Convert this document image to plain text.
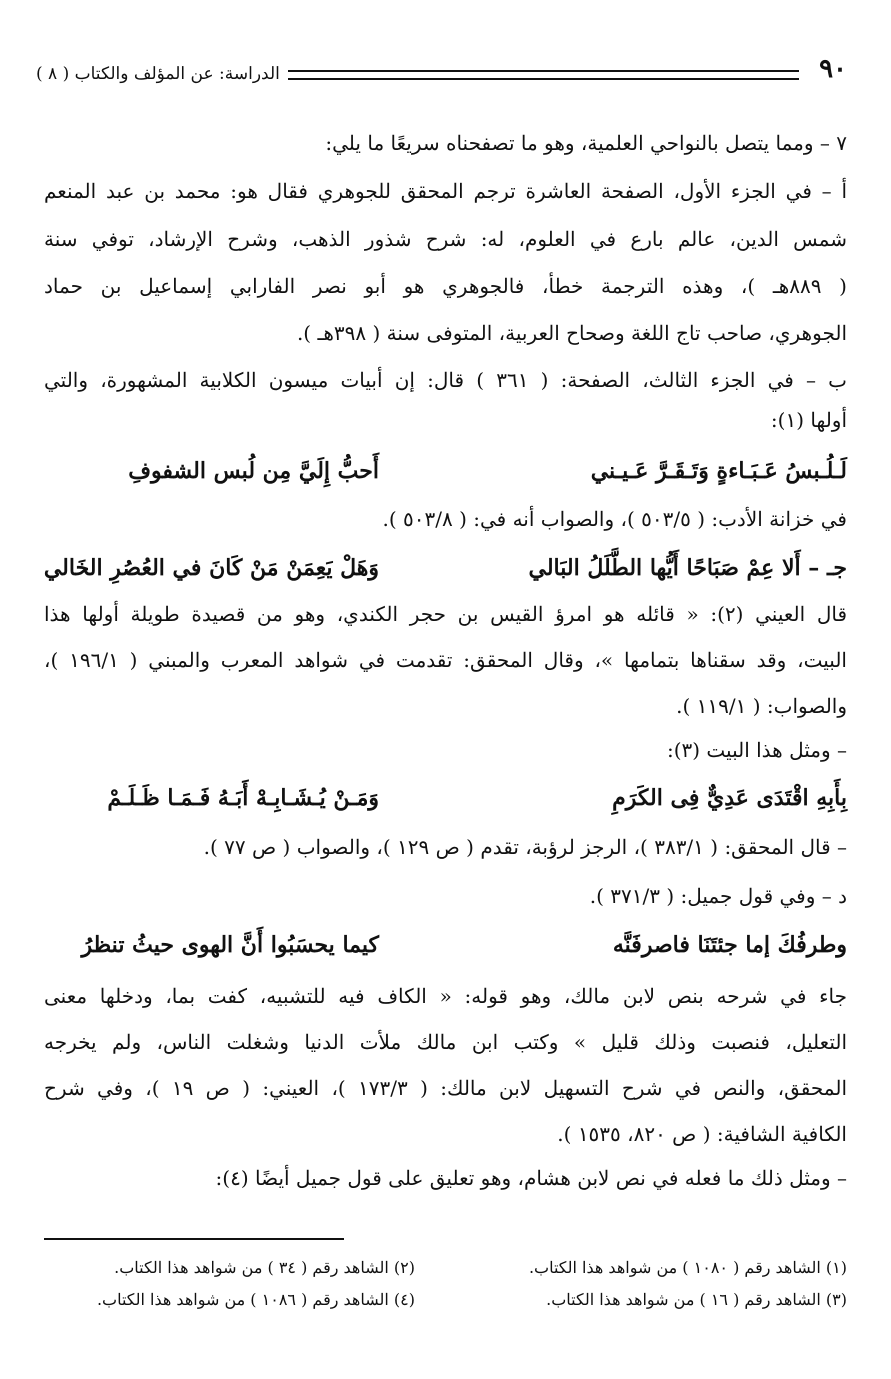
٩٠
الدراسة: عن المؤلف والكتاب ( ٨ )
٧ – ومما يتصل بالنواحي العلمية، وهو ما تصفحناه سريعًا ما يلي:
أ – في الجزء الأول، الصفحة العاشرة ترجم المحقق للجوهري فقال هو: محمد بن عبد المنعم
شمس الدين، عالم بارع في العلوم، له: شرح شذور الذهب، وشرح الإرشاد، توفي سنة
( ٨٨٩هـ )، وهذه الترجمة خطأ، فالجوهري هو أبو نصر الفارابي إسماعيل بن حماد
الجوهري، صاحب تاج اللغة وصحاح العربية، المتوفى سنة ( ٣٩٨هـ ).
ب – في الجزء الثالث، الصفحة: ( ٣٦١ ) قال: إن أبيات ميسون الكلابية المشهورة، والتي
أولها (١):
لَـلُـبسُ عَـبَـاءةٍ وَتَـقَـرَّ عَـيـني
أَحبُّ إِلَيَّ مِن لُبس الشفوفِ
في خزانة الأدب: ( ٥٠٣/٥ )، والصواب أنه في: ( ٥٠٣/٨ ).
جـ – أَلا عِمْ صَبَاحًا أَيُّها الطَّلَلُ البَالي
وَهَلْ يَعِمَنْ مَنْ كَانَ في العُصُرِ الخَالي
قال العيني (٢): « قائله هو امرؤ القيس بن حجر الكندي، وهو من قصيدة طويلة أولها هذا
البيت، وقد سقناها بتمامها »، وقال المحقق: تقدمت في شواهد المعرب والمبني ( ١٩٦/١ )،
والصواب: ( ١١٩/١ ).
– ومثل هذا البيت (٣):
بِأَبِهِ اقْتَدَى عَدِيٌّ فِى الكَرَمِ
وَمَـنْ يُـشَـابِـهْ أَبَـهُ فَـمَـا ظَـلَـمْ
– قال المحقق: ( ٣٨٣/١ )، الرجز لرؤبة، تقدم ( ص ١٢٩ )، والصواب ( ص ٧٧ ).
د – وفي قول جميل: ( ٣٧١/٣ ).
وطرفُكَ إما جئتَنَا فاصرفَنَّه
كيما يحسَبُوا أَنَّ الهوى حيثُ تنظرُ
جاء في شرحه بنص لابن مالك، وهو قوله: « الكاف فيه للتشبيه، كفت بما، ودخلها معنى
التعليل، فنصبت وذلك قليل » وكتب ابن مالك ملأت الدنيا وشغلت الناس، ولم يخرجه
المحقق، والنص في شرح التسهيل لابن مالك: ( ١٧٣/٣ )، العيني: ( ص ١٩ )، وفي شرح
الكافية الشافية: ( ص ٨٢٠، ١٥٣٥ ).
– ومثل ذلك ما فعله في نص لابن هشام، وهو تعليق على قول جميل أيضًا (٤):
(١) الشاهد رقم ( ١٠٨٠ ) من شواهد هذا الكتاب.
(٢) الشاهد رقم ( ٣٤ ) من شواهد هذا الكتاب.
(٣) الشاهد رقم ( ١٦ ) من شواهد هذا الكتاب.
(٤) الشاهد رقم ( ١٠٨٦ ) من شواهد هذا الكتاب.
